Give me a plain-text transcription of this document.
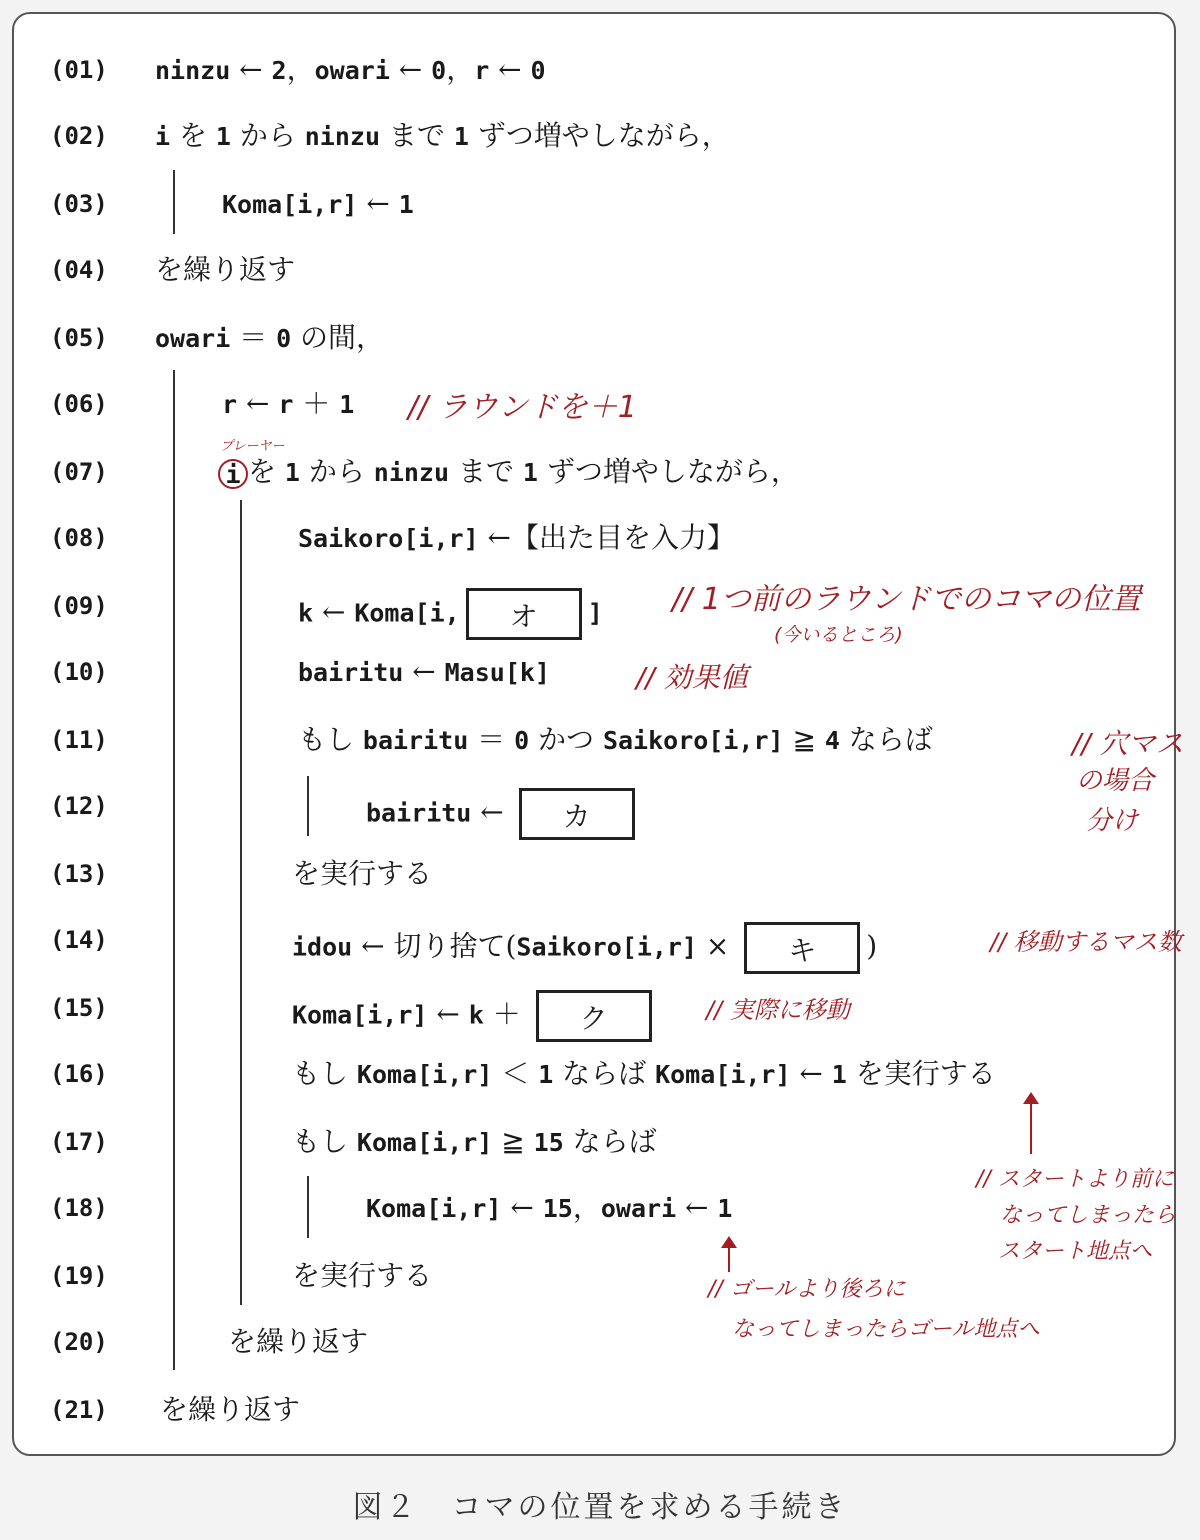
(01) ninzu ← 2，owari ← 0，r ← 0
(02) i を 1 から ninzu まで 1 ずつ増やしながら，
(03)	Koma[i,r] ← 1
(04) を繰り返す
(05) owari ＝ 0 の間，
(06)	r ← r ＋ 1
(07)	i を 1 から ninzu まで 1 ずつ増やしながら，
(08)	Saikoro[i,r] ←【出た目を入力】
(09)	k ← Koma[i, オ ]
(10)	bairitu ← Masu[k]
(11)	もし bairitu ＝ 0 かつ Saikoro[i,r] ≧ 4 ならば
(12)	bairitu ← カ
(13)	を実行する
(14)	idou ← 切り捨て(Saikoro[i,r] × キ )
(15)	Koma[i,r] ← k ＋ ク
(16)	もし Koma[i,r] ＜ 1 ならば Koma[i,r] ← 1 を実行する
(17)	もし Koma[i,r] ≧ 15 ならば
(18)	Koma[i,r] ← 15，owari ← 1
(19)	を実行する
(20)	を繰り返す
(21) を繰り返す
// ラウンドを＋1
プレーヤー
// 1つ前のラウンドでのコマの位置
(今いるところ)
// 効果値
// 穴マス
の場合
分け
// 移動するマス数
// 実際に移動
// スタートより前に
なってしまったら
スタート地点へ
// ゴールより後ろに
なってしまったらゴール地点へ
図２　コマの位置を求める手続き
